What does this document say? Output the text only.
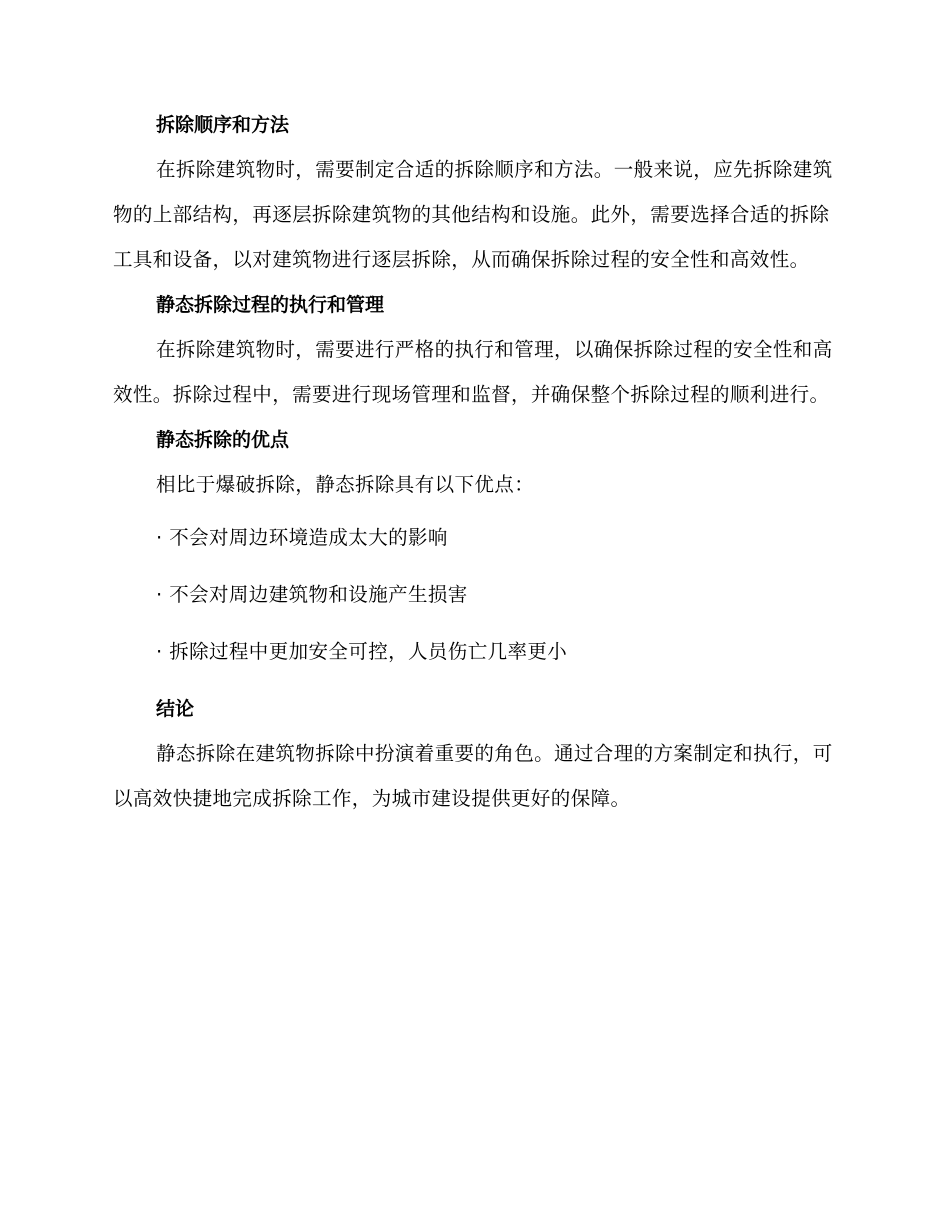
拆除顺序和方法
在拆除建筑物时，需要制定合适的拆除顺序和方法。一般来说，应先拆除建筑物的上部结构，再逐层拆除建筑物的其他结构和设施。此外，需要选择合适的拆除工具和设备，以对建筑物进行逐层拆除，从而确保拆除过程的安全性和高效性。
静态拆除过程的执行和管理
在拆除建筑物时，需要进行严格的执行和管理，以确保拆除过程的安全性和高效性。拆除过程中，需要进行现场管理和监督，并确保整个拆除过程的顺利进行。
静态拆除的优点
相比于爆破拆除，静态拆除具有以下优点：
· 不会对周边环境造成太大的影响
· 不会对周边建筑物和设施产生损害
· 拆除过程中更加安全可控，人员伤亡几率更小
结论
静态拆除在建筑物拆除中扮演着重要的角色。通过合理的方案制定和执行，可以高效快捷地完成拆除工作，为城市建设提供更好的保障。
